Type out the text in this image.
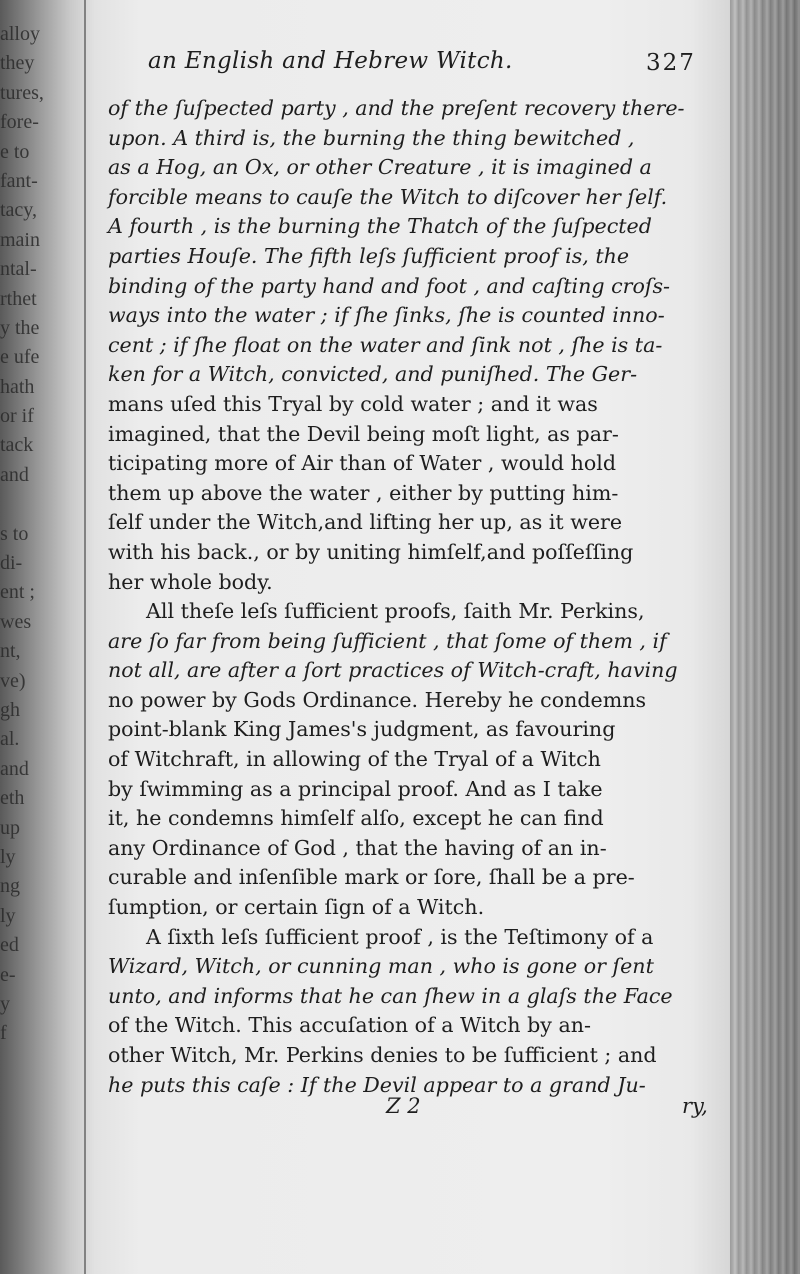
alloy
they
tures,
fore-
e to
fant-
tacy,
main
ntal-
rthet
y the
e ufe
hath
or if
tack
and
s to
di-
ent ;
wes
nt,
ve)
gh
al.
and
eth
up
ly
ng
ly
ed
e-
y
f
an English and Hebrew Witch.	327
of the ſuſpected party , and the preſent recovery there-
upon. A third is, the burning the thing bewitched ,
as a Hog, an Ox, or other Creature , it is imagined a
forcible means to cauſe the Witch to diſcover her ſelf.
A fourth , is the burning the Thatch of the ſuſpected
parties Houſe. The fifth leſs ſufficient proof is, the
binding of the party hand and foot , and caſting croſs-
ways into the water ; if ſhe ſinks, ſhe is counted inno-
cent ; if ſhe float on the water and ſink not , ſhe is ta-
ken for a Witch, convicted, and puniſhed. The Ger-
mans uſed this Tryal by cold water ; and it was
imagined, that the Devil being moſt light, as par-
ticipating more of Air than of Water , would hold
them up above the water , either by putting him-
ſelf under the Witch,and lifting her up, as it were
with his back., or by uniting himſelf,and poſſeſſing
her whole body.
All theſe leſs ſufficient proofs, ſaith Mr. Perkins,
are ſo far from being ſufficient , that ſome of them , if
not all, are after a ſort practices of Witch-craft, having
no power by Gods Ordinance. Hereby he condemns
point-blank King James's judgment, as favouring
of Witchraft, in allowing of the Tryal of a Witch
by ſwimming as a principal proof. And as I take
it, he condemns himſelf alſo, except he can find
any Ordinance of God , that the having of an in-
curable and inſenſible mark or ſore, ſhall be a pre-
ſumption, or certain ſign of a Witch.
A ſixth leſs ſufficient proof , is the Teſtimony of a
Wizard, Witch, or cunning man , who is gone or ſent
unto, and informs that he can ſhew in a glaſs the Face
of the Witch. This accuſation of a Witch by an-
other Witch, Mr. Perkins denies to be ſufficient ; and
he puts this caſe : If the Devil appear to a grand Ju-
Z 2	ry,
